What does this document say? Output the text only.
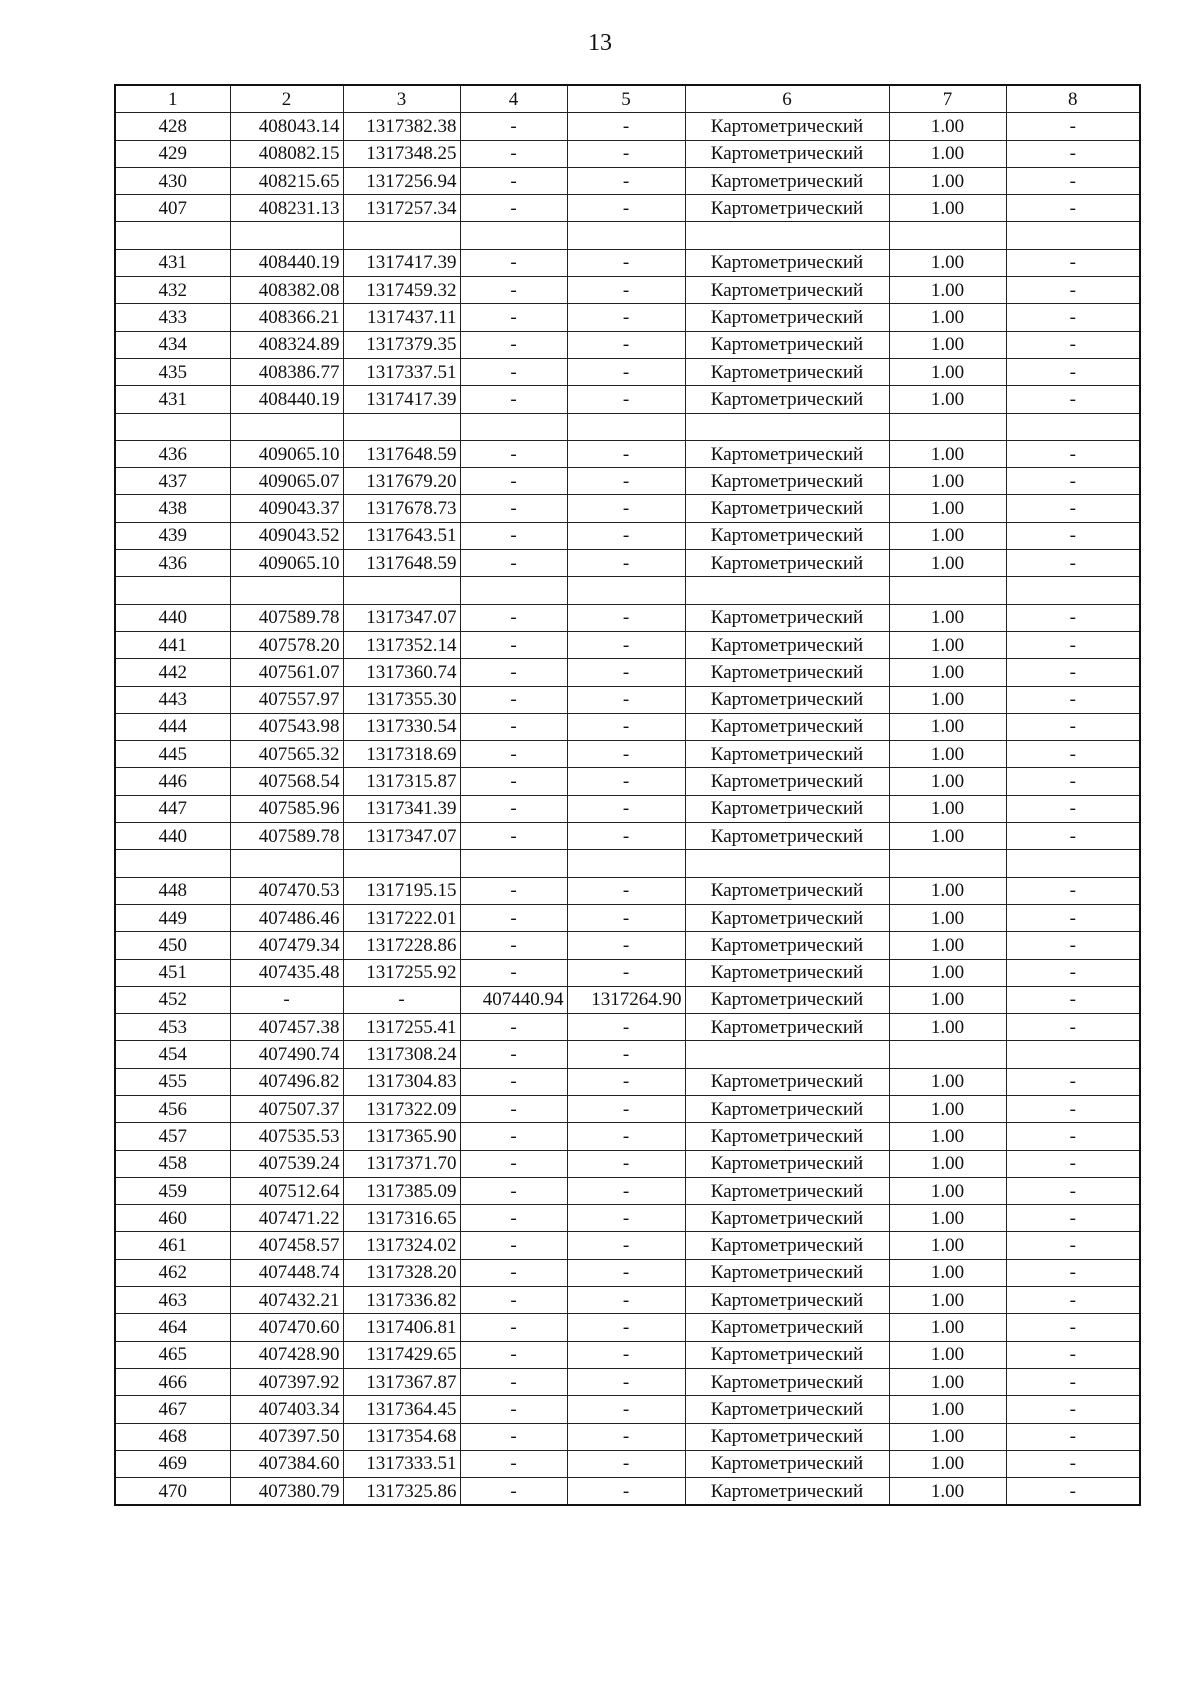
13
1	2	3	4	5	6	7	8
428	408043.14	1317382.38	-	-	Картометрический	1.00	-
429	408082.15	1317348.25	-	-	Картометрический	1.00	-
430	408215.65	1317256.94	-	-	Картометрический	1.00	-
407	408231.13	1317257.34	-	-	Картометрический	1.00	-

431	408440.19	1317417.39	-	-	Картометрический	1.00	-
432	408382.08	1317459.32	-	-	Картометрический	1.00	-
433	408366.21	1317437.11	-	-	Картометрический	1.00	-
434	408324.89	1317379.35	-	-	Картометрический	1.00	-
435	408386.77	1317337.51	-	-	Картометрический	1.00	-
431	408440.19	1317417.39	-	-	Картометрический	1.00	-

436	409065.10	1317648.59	-	-	Картометрический	1.00	-
437	409065.07	1317679.20	-	-	Картометрический	1.00	-
438	409043.37	1317678.73	-	-	Картометрический	1.00	-
439	409043.52	1317643.51	-	-	Картометрический	1.00	-
436	409065.10	1317648.59	-	-	Картометрический	1.00	-

440	407589.78	1317347.07	-	-	Картометрический	1.00	-
441	407578.20	1317352.14	-	-	Картометрический	1.00	-
442	407561.07	1317360.74	-	-	Картометрический	1.00	-
443	407557.97	1317355.30	-	-	Картометрический	1.00	-
444	407543.98	1317330.54	-	-	Картометрический	1.00	-
445	407565.32	1317318.69	-	-	Картометрический	1.00	-
446	407568.54	1317315.87	-	-	Картометрический	1.00	-
447	407585.96	1317341.39	-	-	Картометрический	1.00	-
440	407589.78	1317347.07	-	-	Картометрический	1.00	-

448	407470.53	1317195.15	-	-	Картометрический	1.00	-
449	407486.46	1317222.01	-	-	Картометрический	1.00	-
450	407479.34	1317228.86	-	-	Картометрический	1.00	-
451	407435.48	1317255.92	-	-	Картометрический	1.00	-
452	-	-	407440.94	1317264.90	Картометрический	1.00	-
453	407457.38	1317255.41	-	-	Картометрический	1.00	-
454	407490.74	1317308.24	-	-			
455	407496.82	1317304.83	-	-	Картометрический	1.00	-
456	407507.37	1317322.09	-	-	Картометрический	1.00	-
457	407535.53	1317365.90	-	-	Картометрический	1.00	-
458	407539.24	1317371.70	-	-	Картометрический	1.00	-
459	407512.64	1317385.09	-	-	Картометрический	1.00	-
460	407471.22	1317316.65	-	-	Картометрический	1.00	-
461	407458.57	1317324.02	-	-	Картометрический	1.00	-
462	407448.74	1317328.20	-	-	Картометрический	1.00	-
463	407432.21	1317336.82	-	-	Картометрический	1.00	-
464	407470.60	1317406.81	-	-	Картометрический	1.00	-
465	407428.90	1317429.65	-	-	Картометрический	1.00	-
466	407397.92	1317367.87	-	-	Картометрический	1.00	-
467	407403.34	1317364.45	-	-	Картометрический	1.00	-
468	407397.50	1317354.68	-	-	Картометрический	1.00	-
469	407384.60	1317333.51	-	-	Картометрический	1.00	-
470	407380.79	1317325.86	-	-	Картометрический	1.00	-
